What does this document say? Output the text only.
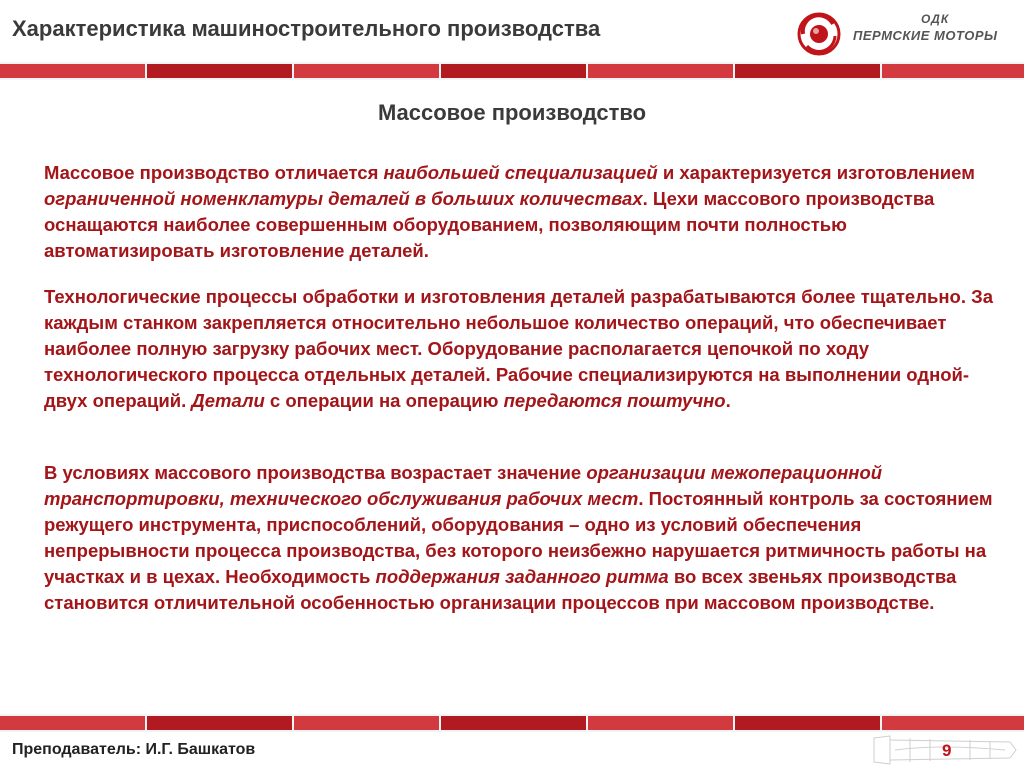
Характеристика машиностроительного производства	ОДК
ПЕРМСКИЕ МОТОРЫ
Массовое производство

Массовое производство отличается наибольшей специализацией и характеризуется изготовлением ограниченной номенклатуры деталей в больших количествах. Цехи массового производства оснащаются наиболее совершенным оборудованием, позволяющим почти полностью автоматизировать изготовление деталей.

Технологические процессы обработки и изготовления деталей разрабатываются более тщательно. За каждым станком закрепляется относительно небольшое количество операций, что обеспечивает наиболее полную загрузку рабочих мест. Оборудование располагается цепочкой по ходу технологического процесса отдельных деталей. Рабочие специализируются на выполнении одной-двух операций. Детали с операции на операцию передаются поштучно.

В условиях массового производства возрастает значение организации межоперационной транспортировки, технического обслуживания рабочих мест. Постоянный контроль за состоянием режущего инструмента, приспособлений, оборудования – одно из условий обеспечения непрерывности процесса производства, без которого неизбежно нарушается ритмичность работы на участках и в цехах. Необходимость поддержания заданного ритма во всех звеньях производства становится отличительной особенностью организации процессов при массовом производстве.

Преподаватель: И.Г. Башкатов	9
